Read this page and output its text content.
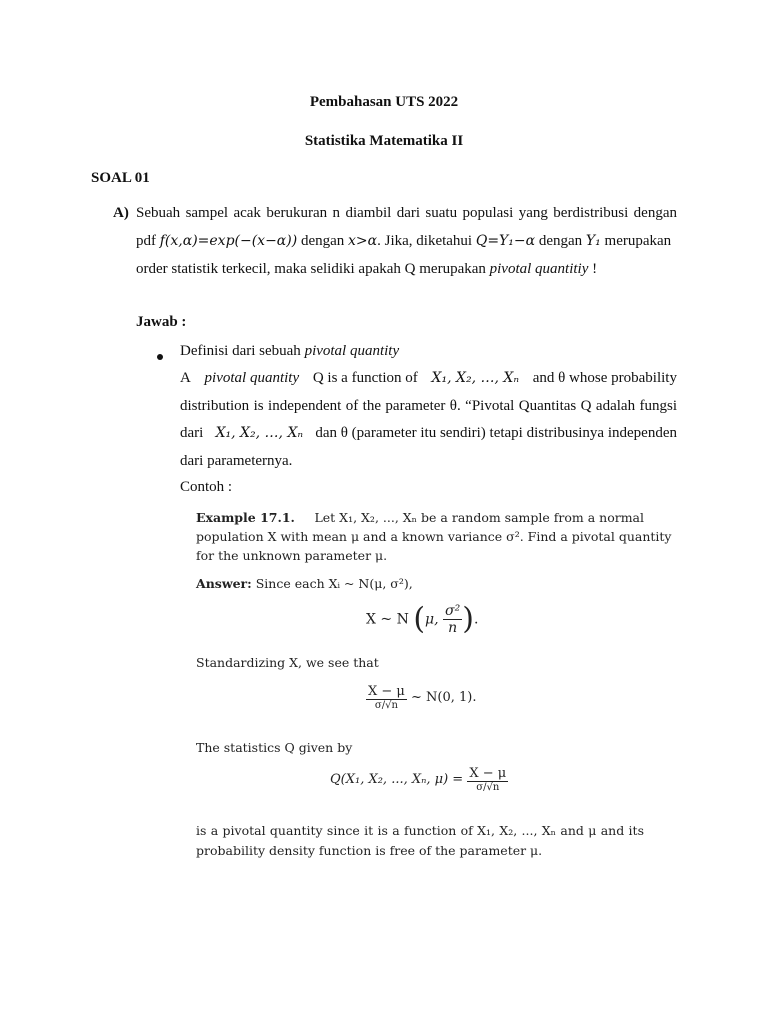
Pembahasan UTS 2022
Statistika Matematika II
SOAL 01
A) Sebuah sampel acak berukuran n diambil dari suatu populasi yang berdistribusi dengan
pdf f(x,α)=exp(−(x−α)) dengan x>α. Jika, diketahui Q=Y₁−α dengan Y₁ merupakan
order statistik terkecil, maka selidiki apakah Q merupakan pivotal quantitiy !
Jawab :
Definisi dari sebuah pivotal quantity
A pivotal quantity Q is a function of X₁, X₂, …, Xₙ and θ whose probability
distribution is independent of the parameter θ. “Pivotal Quantitas Q adalah fungsi
dari X₁, X₂, …, Xₙ dan θ (parameter itu sendiri) tetapi distribusinya independen
dari parameternya.
Contoh :
Example 17.1. Let X₁, X₂, ..., Xₙ be a random sample from a normal
population X with mean μ and a known variance σ². Find a pivotal quantity
for the unknown parameter μ.
Answer: Since each Xᵢ ~ N(μ, σ²),
X ~ N (μ, $\frac{\text{σ²}}{n}$ ).
Standardizing X, we see that
$\frac{X - \mu}{\sigma/√n}$ ~ N(0, 1).
The statistics Q given by
Q(X₁, X₂, ..., Xₙ, $\mu) = \frac{X - \mu}{\sigma/√n}$
is a pivotal quantity since it is a function of X₁, X₂, ..., Xₙ and μ and its
probability density function is free of the parameter μ.
